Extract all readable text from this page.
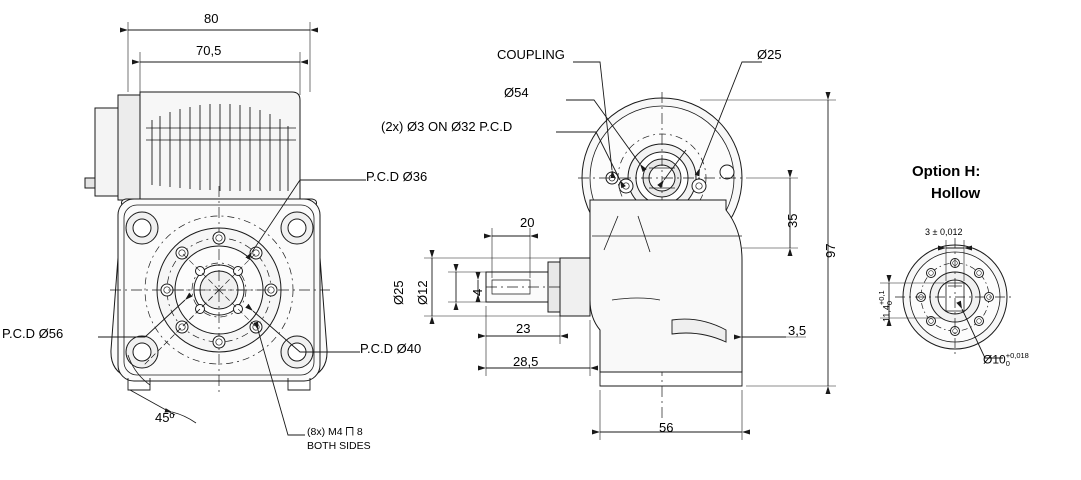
80
70,5
P.C.D Ø36
P.C.D Ø56
P.C.D Ø40
45º
(8x) M4 ⨅ 8
BOTH SIDES
COUPLING
Ø54
(2x) Ø3 ON Ø32 P.C.D
Ø25
20
Ø25 Ø12	4
23
28,5
35
97
3,5
56
Option H:
Hollow
3 ± 0,012
11,4
+0,1
0
Ø10 +0,018
0
